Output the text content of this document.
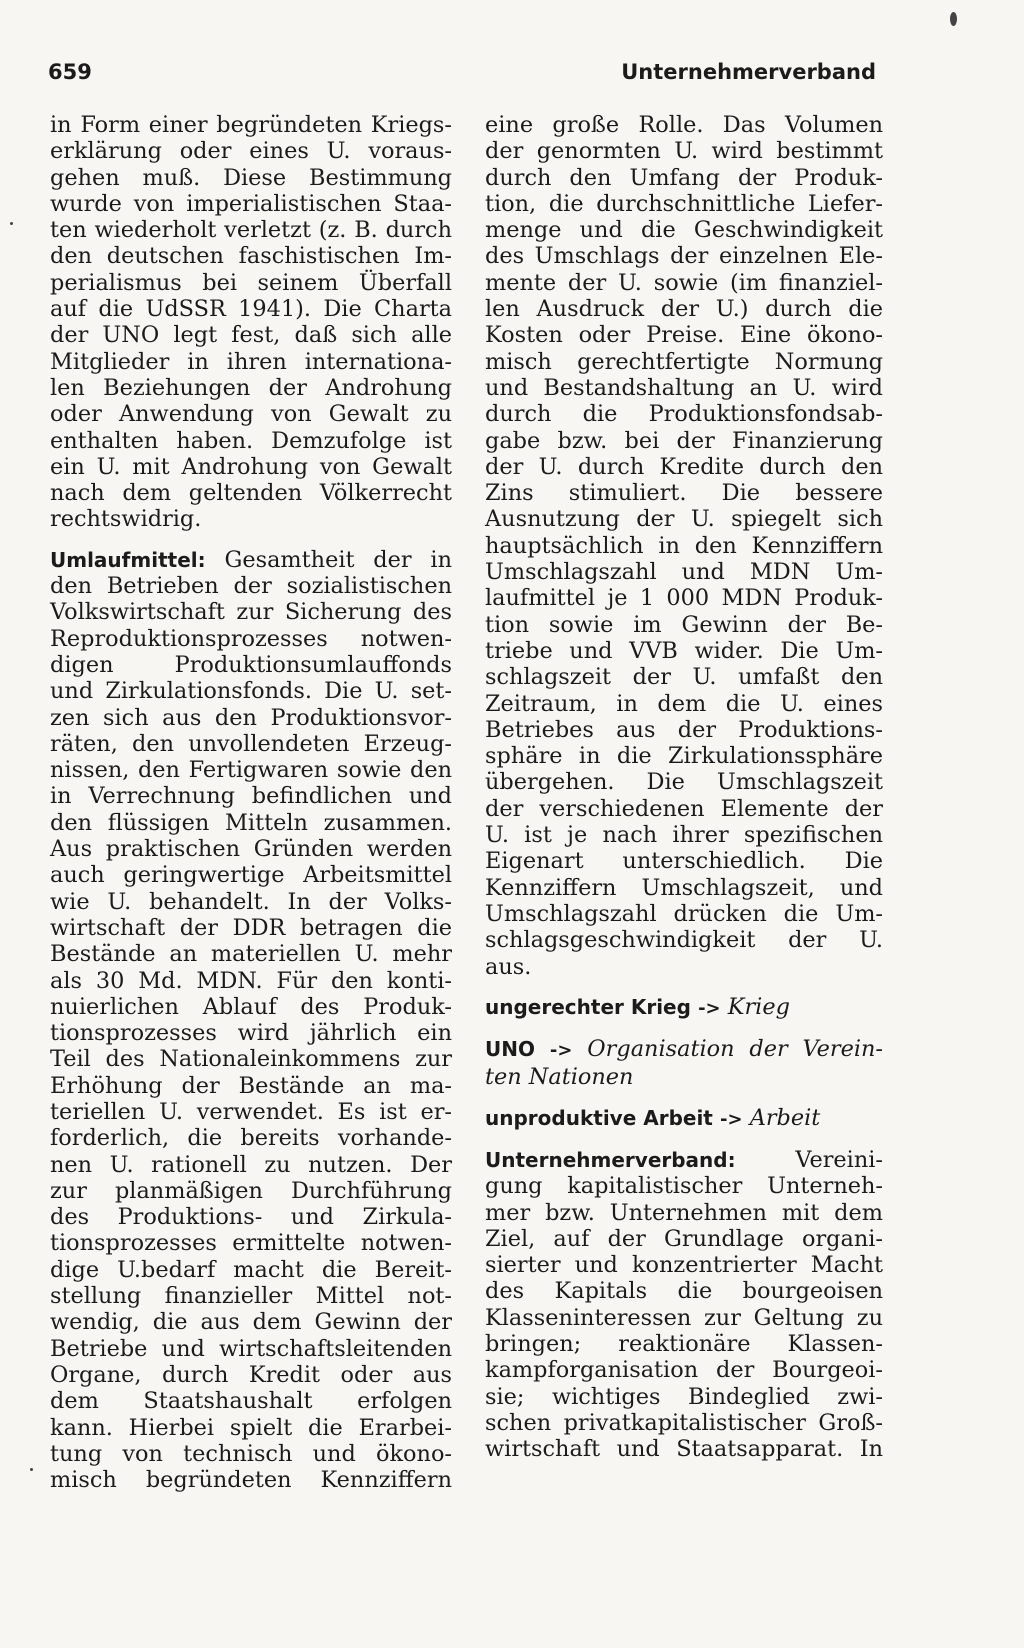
659	Unternehmerverband
in Form einer begründeten Kriegs-
erklärung oder eines U. voraus-
gehen muß. Diese Bestimmung
wurde von imperialistischen Staa-
ten wiederholt verletzt (z. B. durch
den deutschen faschistischen Im-
perialismus bei seinem Überfall
auf die UdSSR 1941). Die Charta
der UNO legt fest, daß sich alle
Mitglieder in ihren internationa-
len Beziehungen der Androhung
oder Anwendung von Gewalt zu
enthalten haben. Demzufolge ist
ein U. mit Androhung von Gewalt
nach dem geltenden Völkerrecht
rechtswidrig.
Umlaufmittel: Gesamtheit der in
den Betrieben der sozialistischen
Volkswirtschaft zur Sicherung des
Reproduktionsprozesses notwen-
digen Produktionsumlauffonds
und Zirkulationsfonds. Die U. set-
zen sich aus den Produktionsvor-
räten, den unvollendeten Erzeug-
nissen, den Fertigwaren sowie den
in Verrechnung befindlichen und
den flüssigen Mitteln zusammen.
Aus praktischen Gründen werden
auch geringwertige Arbeitsmittel
wie U. behandelt. In der Volks-
wirtschaft der DDR betragen die
Bestände an materiellen U. mehr
als 30 Md. MDN. Für den konti-
nuierlichen Ablauf des Produk-
tionsprozesses wird jährlich ein
Teil des Nationaleinkommens zur
Erhöhung der Bestände an ma-
teriellen U. verwendet. Es ist er-
forderlich, die bereits vorhande-
nen U. rationell zu nutzen. Der
zur planmäßigen Durchführung
des Produktions- und Zirkula-
tionsprozesses ermittelte notwen-
dige U.bedarf macht die Bereit-
stellung finanzieller Mittel not-
wendig, die aus dem Gewinn der
Betriebe und wirtschaftsleitenden
Organe, durch Kredit oder aus
dem Staatshaushalt erfolgen
kann. Hierbei spielt die Erarbei-
tung von technisch und ökono-
misch begründeten Kennziffern
eine große Rolle. Das Volumen
der genormten U. wird bestimmt
durch den Umfang der Produk-
tion, die durchschnittliche Liefer-
menge und die Geschwindigkeit
des Umschlags der einzelnen Ele-
mente der U. sowie (im finanziel-
len Ausdruck der U.) durch die
Kosten oder Preise. Eine ökono-
misch gerechtfertigte Normung
und Bestandshaltung an U. wird
durch die Produktionsfondsab-
gabe bzw. bei der Finanzierung
der U. durch Kredite durch den
Zins stimuliert. Die bessere
Ausnutzung der U. spiegelt sich
hauptsächlich in den Kennziffern
Umschlagszahl und MDN Um-
laufmittel je 1 000 MDN Produk-
tion sowie im Gewinn der Be-
triebe und VVB wider. Die Um-
schlagszeit der U. umfaßt den
Zeitraum, in dem die U. eines
Betriebes aus der Produktions-
sphäre in die Zirkulationssphäre
übergehen. Die Umschlagszeit
der verschiedenen Elemente der
U. ist je nach ihrer spezifischen
Eigenart unterschiedlich. Die
Kennziffern Umschlagszeit, und
Umschlagszahl drücken die Um-
schlagsgeschwindigkeit der U.
aus.
ungerechter Krieg -> Krieg
UNO -> Organisation der Verein-
ten Nationen
unproduktive Arbeit -> Arbeit
Unternehmerverband:	Vereini-
gung kapitalistischer Unterneh-
mer bzw. Unternehmen mit dem
Ziel, auf der Grundlage organi-
sierter und konzentrierter Macht
des Kapitals die bourgeoisen
Klasseninteressen zur Geltung zu
bringen; reaktionäre Klassen-
kampforganisation der Bourgeoi-
sie; wichtiges Bindeglied zwi-
schen privatkapitalistischer Groß-
wirtschaft und Staatsapparat. In
